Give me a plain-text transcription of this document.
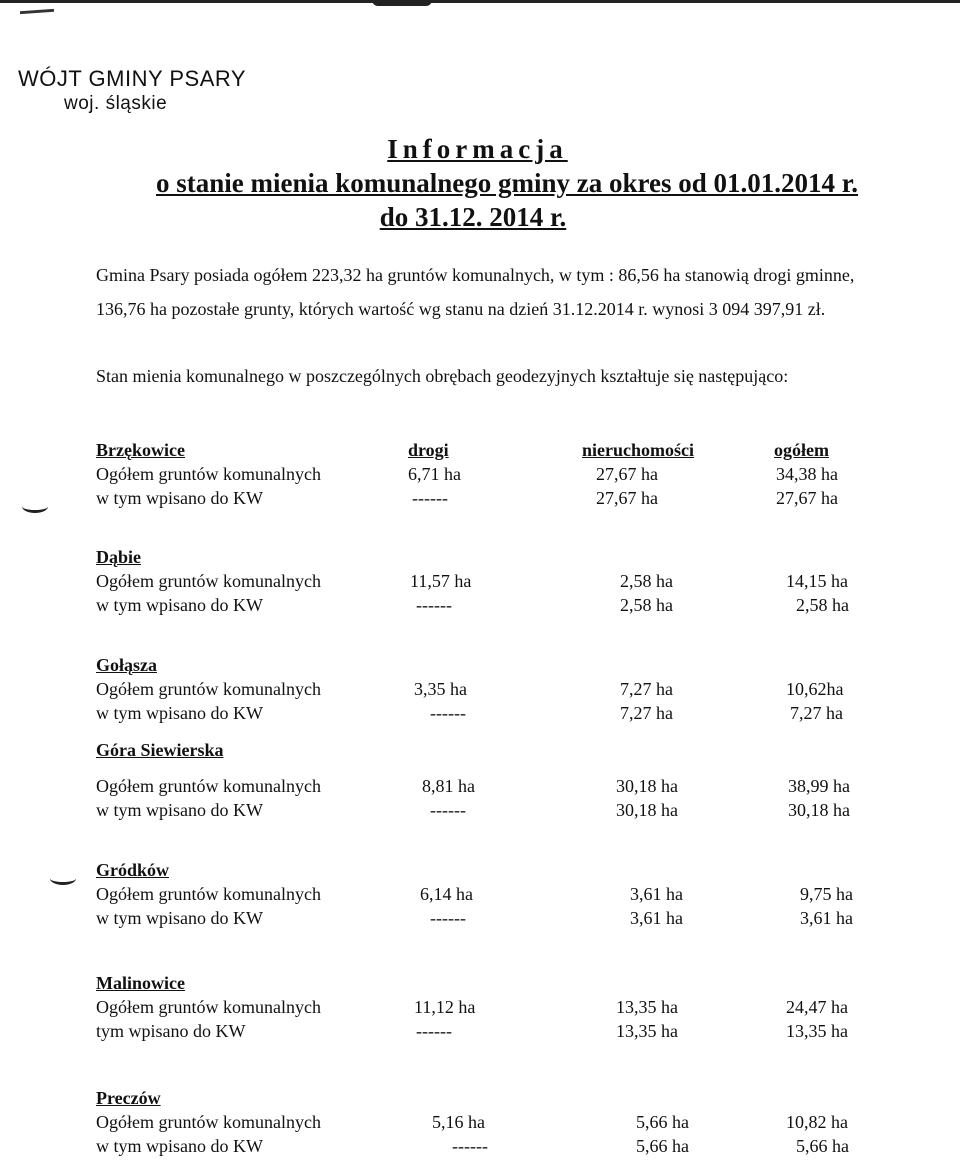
WÓJT GMINY PSARY
woj. śląskie
Informacja
o stanie mienia komunalnego gminy za okres od 01.01.2014 r.
do 31.12. 2014 r.

Gmina Psary posiada ogółem 223,32 ha gruntów komunalnych, w tym : 86,56 ha stanowią drogi gminne, 136,76 ha pozostałe grunty, których wartość wg stanu na dzień 31.12.2014 r. wynosi 3 094 397,91 zł.

Stan mienia komunalnego w poszczególnych obrębach geodezyjnych kształtuje się następująco:
Brzękowice	drogi	nieruchomości	ogółem
Ogółem gruntów komunalnych	6,71 ha	27,67 ha	34,38 ha
w tym wpisano do KW	------	27,67 ha	27,67 ha
Dąbie
Ogółem gruntów komunalnych	11,57 ha	2,58 ha	14,15 ha
w tym wpisano do KW	------	2,58 ha	2,58 ha
Gołąsza
Ogółem gruntów komunalnych	3,35 ha	7,27 ha	10,62ha
w tym wpisano do KW	------	7,27 ha	7,27 ha
Góra Siewierska
Ogółem gruntów komunalnych	8,81 ha	30,18 ha	38,99 ha
w tym wpisano do KW	------	30,18 ha	30,18 ha
Gródków
Ogółem gruntów komunalnych	6,14 ha	3,61 ha	9,75 ha
w tym wpisano do KW	------	3,61 ha	3,61 ha
Malinowice
Ogółem gruntów komunalnych	11,12 ha	13,35 ha	24,47 ha
tym wpisano do KW	------	13,35 ha	13,35 ha
Preczów
Ogółem gruntów komunalnych	5,16 ha	5,66 ha	10,82 ha
w tym wpisano do KW	------	5,66 ha	5,66 ha
